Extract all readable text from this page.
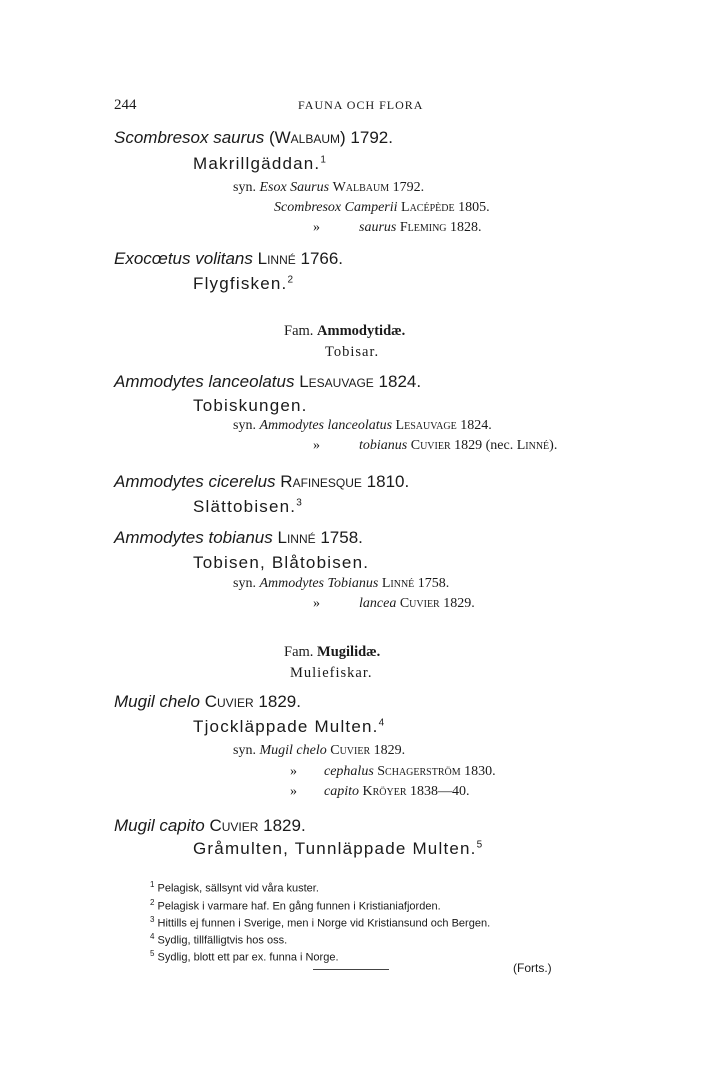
244	FAUNA OCH FLORA
Scombresox saurus (Walbaum) 1792.
Makrillgäddan.$^1$
syn. Esox Saurus Walbaum 1792.
Scombresox Camperii Lacépède 1805.
»	saurus Fleming 1828.
Exocœtus volitans Linné 1766.
Flygfisken.$^2$
Fam. Ammodytidæ.
Tobisar.
Ammodytes lanceolatus Lesauvage 1824.
Tobiskungen.
syn. Ammodytes lanceolatus Lesauvage 1824.
»	tobianus Cuvier 1829 (nec. Linné).
Ammodytes cicerelus Rafinesque 1810.
Slättobisen.$^3$
Ammodytes tobianus Linné 1758.
Tobisen, Blåtobisen.
syn. Ammodytes Tobianus Linné 1758.
»	lancea Cuvier 1829.
Fam. Mugilidæ.
Muliefiskar.
Mugil chelo Cuvier 1829.
Tjockläppade Multen.$^4$
syn. Mugil chelo Cuvier 1829.
» cephalus Schagerström 1830.
» capito Kröyer 1838—40.
Mugil capito Cuvier 1829.
Gråmulten, Tunnläppade Multen.$^5$
$^1$ Pelagisk, sällsynt vid våra kuster.
$^2$ Pelagisk i varmare haf. En gång funnen i Kristianiafjorden.
$^3$ Hittills ej funnen i Sverige, men i Norge vid Kristiansund och Bergen.
$^4$ Sydlig, tillfälligtvis hos oss.
$^5$ Sydlig, blott ett par ex. funna i Norge.
(Forts.)
